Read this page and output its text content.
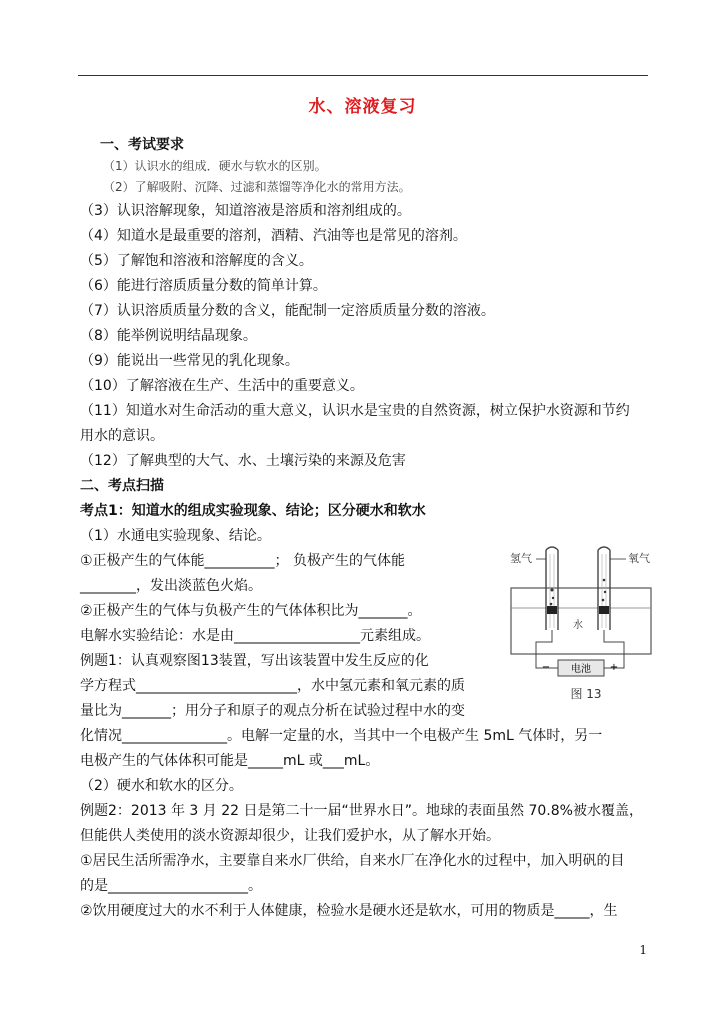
水、溶液复习
一、考试要求
（1）认识水的组成．硬水与软水的区别。
（2）了解吸附、沉降、过滤和蒸馏等净化水的常用方法。
（3）认识溶解现象，知道溶液是溶质和溶剂组成的。
（4）知道水是最重要的溶剂，酒精、汽油等也是常见的溶剂。
（5）了解饱和溶液和溶解度的含义。
（6）能进行溶质质量分数的简单计算。
（7）认识溶质质量分数的含义，能配制一定溶质质量分数的溶液。
（8）能举例说明结晶现象。
（9）能说出一些常见的乳化现象。
（10）了解溶液在生产、生活中的重要意义。
（11）知道水对生命活动的重大意义，认识水是宝贵的自然资源，树立保护水资源和节约
用水的意识。
（12）了解典型的大气、水、土壤污染的来源及危害
二、考点扫描
考点1：知道水的组成实验现象、结论；区分硬水和软水
（1）水通电实验现象、结论。
①正极产生的气体能__________； 负极产生的气体能
________，发出淡蓝色火焰。
②正极产生的气体与负极产生的气体体积比为_______。
电解水实验结论：水是由__________________元素组成。
例题1：认真观察图13装置，写出该装置中发生反应的化
学方程式_______________________，水中氢元素和氧元素的质
量比为_______；用分子和原子的观点分析在试验过程中水的变
化情况_______________。电解一定量的水，当其中一个电极产生 5mL 气体时，另一
电极产生的气体体积可能是_____mL 或___mL。
（2）硬水和软水的区分。
例题2：2013 年 3 月 22 日是第二十一届“世界水日”。地球的表面虽然 70.8%被水覆盖，
但能供人类使用的淡水资源却很少，让我们爱护水，从了解水开始。
①居民生活所需净水，主要靠自来水厂供给，自来水厂在净化水的过程中，加入明矾的目
的是____________________。
②饮用硬度过大的水不利于人体健康，检验水是硬水还是软水，可用的物质是_____，生
电池
−	+
氢气	氧气
水
图 13
1
